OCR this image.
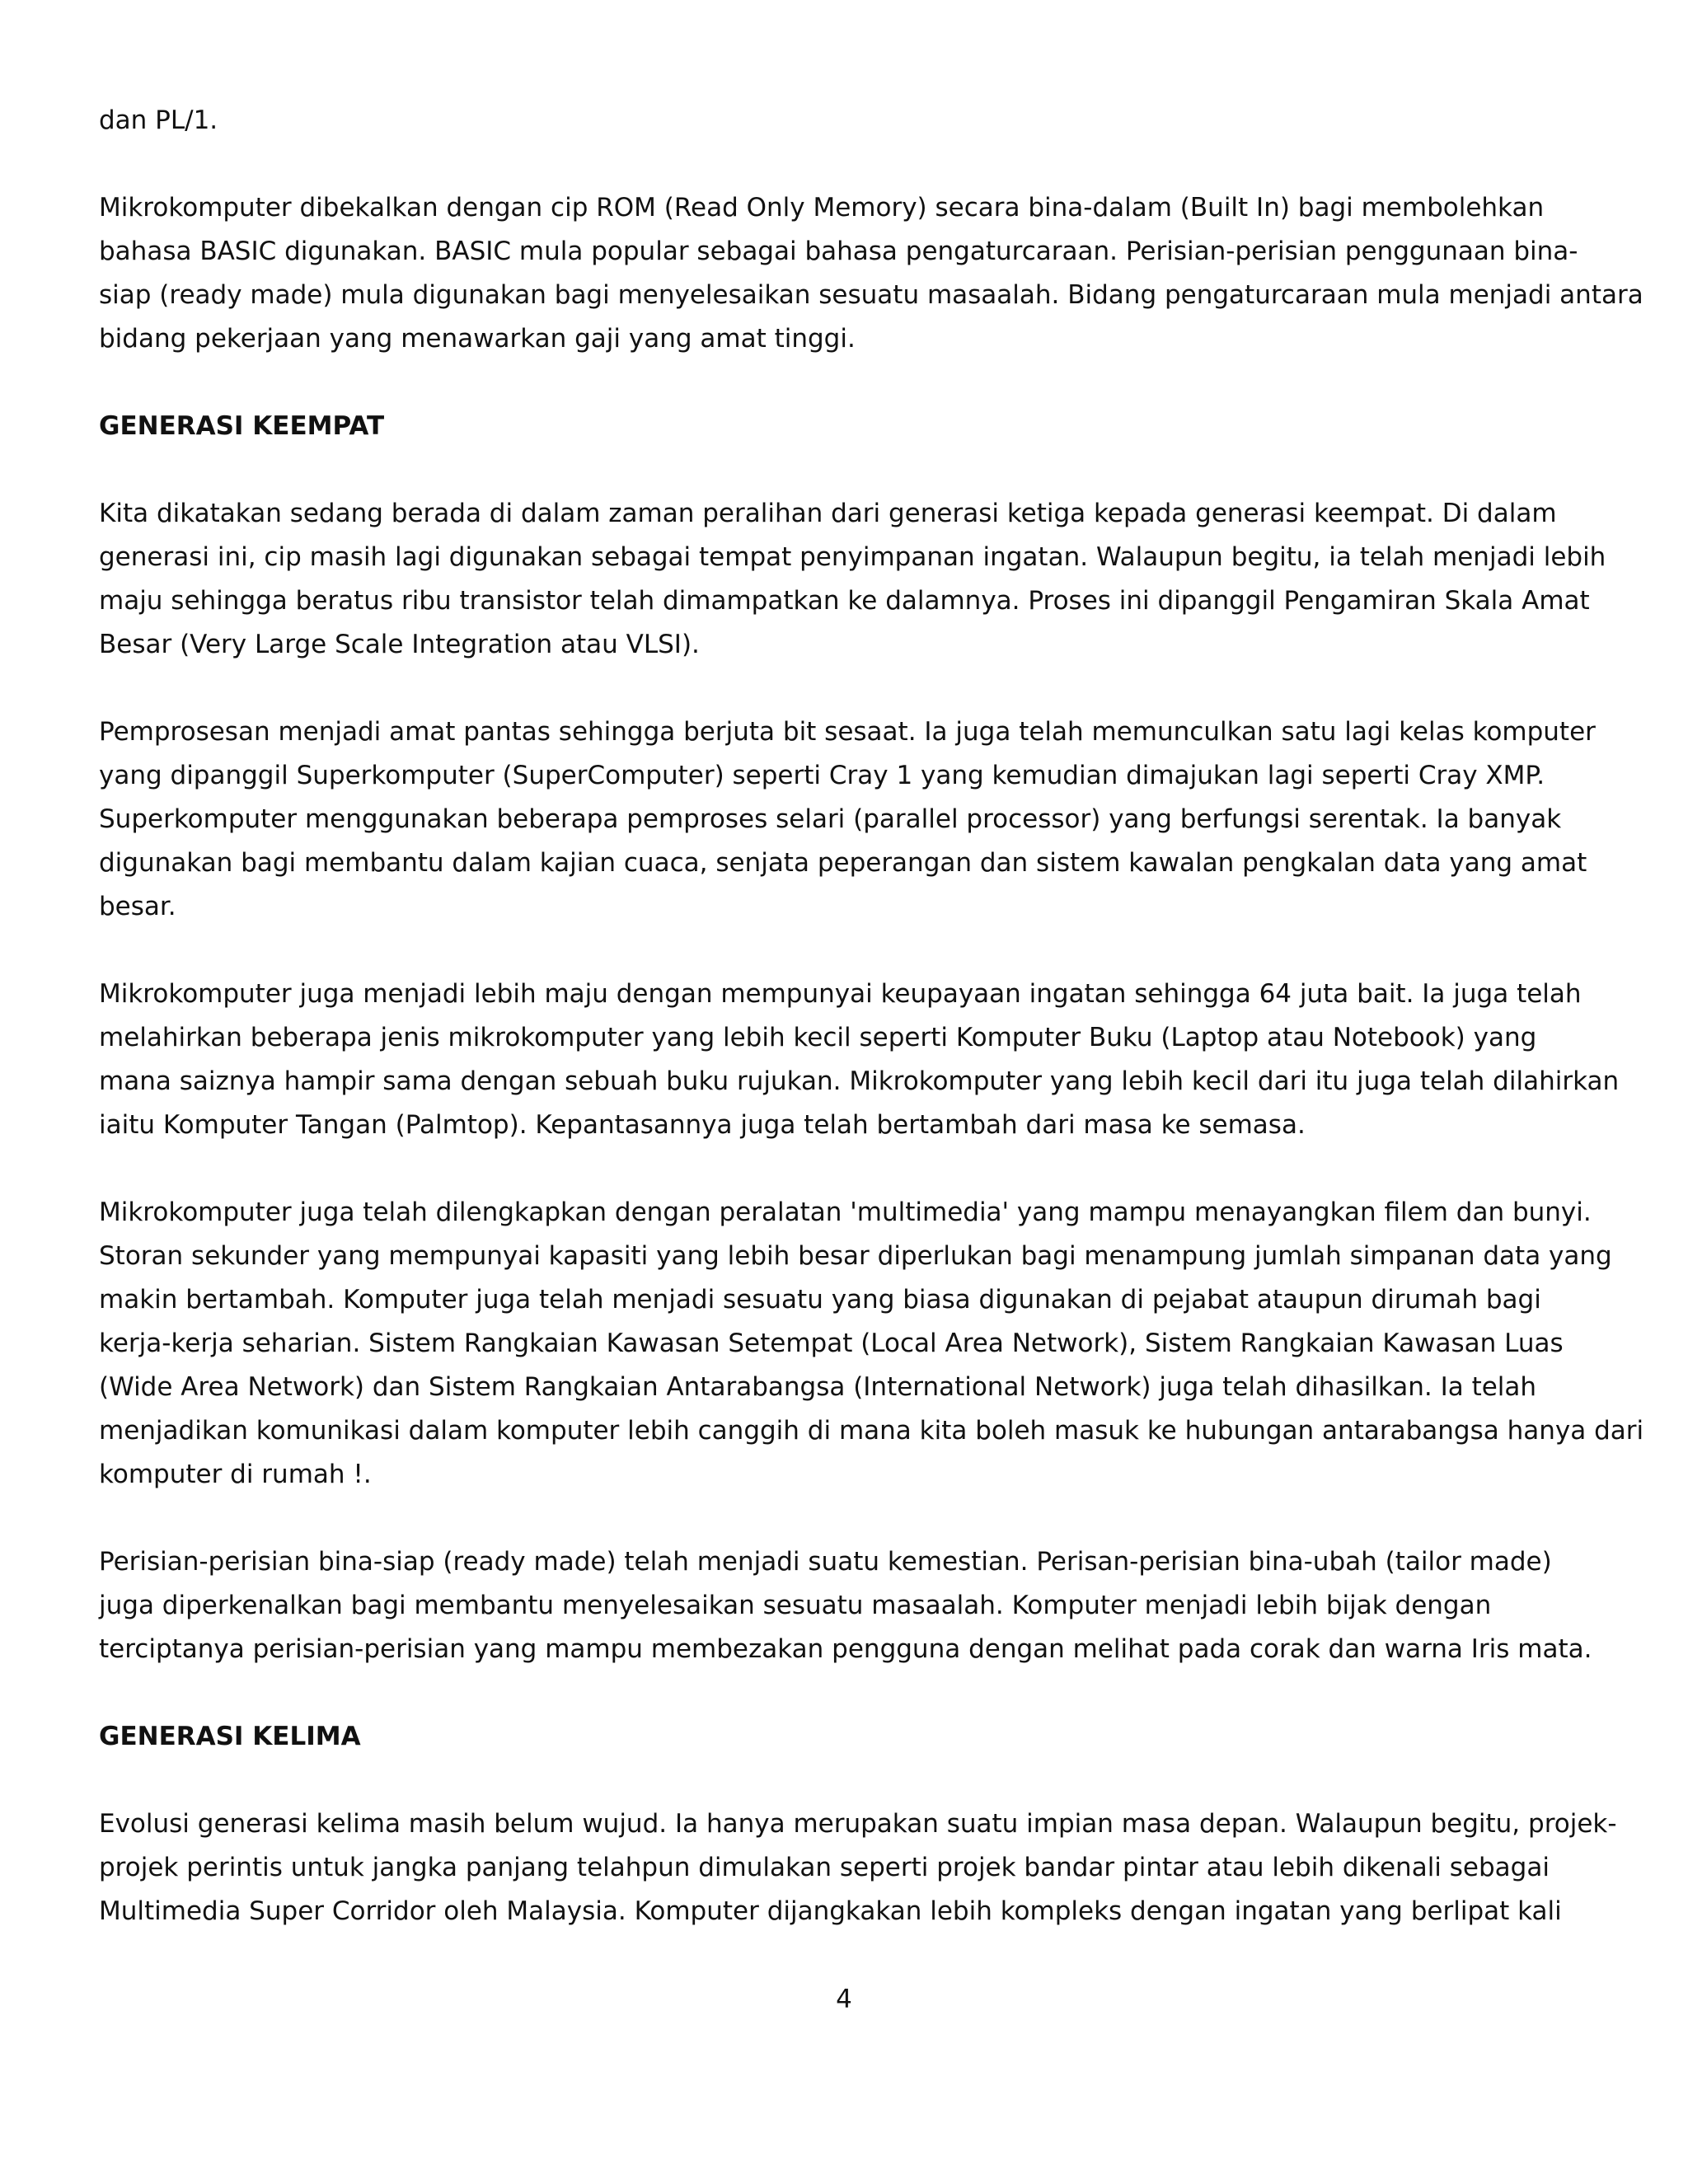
dan PL/1.
Mikrokomputer dibekalkan dengan cip ROM (Read Only Memory) secara bina-dalam (Built In) bagi membolehkan
bahasa BASIC digunakan. BASIC mula popular sebagai bahasa pengaturcaraan. Perisian-perisian penggunaan bina-
siap (ready made) mula digunakan bagi menyelesaikan sesuatu masaalah. Bidang pengaturcaraan mula menjadi antara
bidang pekerjaan yang menawarkan gaji yang amat tinggi.
GENERASI KEEMPAT
Kita dikatakan sedang berada di dalam zaman peralihan dari generasi ketiga kepada generasi keempat. Di dalam
generasi ini, cip masih lagi digunakan sebagai tempat penyimpanan ingatan. Walaupun begitu, ia telah menjadi lebih
maju sehingga beratus ribu transistor telah dimampatkan ke dalamnya. Proses ini dipanggil Pengamiran Skala Amat
Besar (Very Large Scale Integration atau VLSI).
Pemprosesan menjadi amat pantas sehingga berjuta bit sesaat. Ia juga telah memunculkan satu lagi kelas komputer
yang dipanggil Superkomputer (SuperComputer) seperti Cray 1 yang kemudian dimajukan lagi seperti Cray XMP.
Superkomputer menggunakan beberapa pemproses selari (parallel processor) yang berfungsi serentak. Ia banyak
digunakan bagi membantu dalam kajian cuaca, senjata peperangan dan sistem kawalan pengkalan data yang amat
besar.
Mikrokomputer juga menjadi lebih maju dengan mempunyai keupayaan ingatan sehingga 64 juta bait. Ia juga telah
melahirkan beberapa jenis mikrokomputer yang lebih kecil seperti Komputer Buku (Laptop atau Notebook) yang
mana saiznya hampir sama dengan sebuah buku rujukan. Mikrokomputer yang lebih kecil dari itu juga telah dilahirkan
iaitu Komputer Tangan (Palmtop). Kepantasannya juga telah bertambah dari masa ke semasa.
Mikrokomputer juga telah dilengkapkan dengan peralatan 'multimedia' yang mampu menayangkan filem dan bunyi.
Storan sekunder yang mempunyai kapasiti yang lebih besar diperlukan bagi menampung jumlah simpanan data yang
makin bertambah. Komputer juga telah menjadi sesuatu yang biasa digunakan di pejabat ataupun dirumah bagi
kerja-kerja seharian. Sistem Rangkaian Kawasan Setempat (Local Area Network), Sistem Rangkaian Kawasan Luas
(Wide Area Network) dan Sistem Rangkaian Antarabangsa (International Network) juga telah dihasilkan. Ia telah
menjadikan komunikasi dalam komputer lebih canggih di mana kita boleh masuk ke hubungan antarabangsa hanya dari
komputer di rumah !.
Perisian-perisian bina-siap (ready made) telah menjadi suatu kemestian. Perisan-perisian bina-ubah (tailor made)
juga diperkenalkan bagi membantu menyelesaikan sesuatu masaalah. Komputer menjadi lebih bijak dengan
terciptanya perisian-perisian yang mampu membezakan pengguna dengan melihat pada corak dan warna Iris mata.
GENERASI KELIMA
Evolusi generasi kelima masih belum wujud. Ia hanya merupakan suatu impian masa depan. Walaupun begitu, projek-
projek perintis untuk jangka panjang telahpun dimulakan seperti projek bandar pintar atau lebih dikenali sebagai
Multimedia Super Corridor oleh Malaysia. Komputer dijangkakan lebih kompleks dengan ingatan yang berlipat kali
4
